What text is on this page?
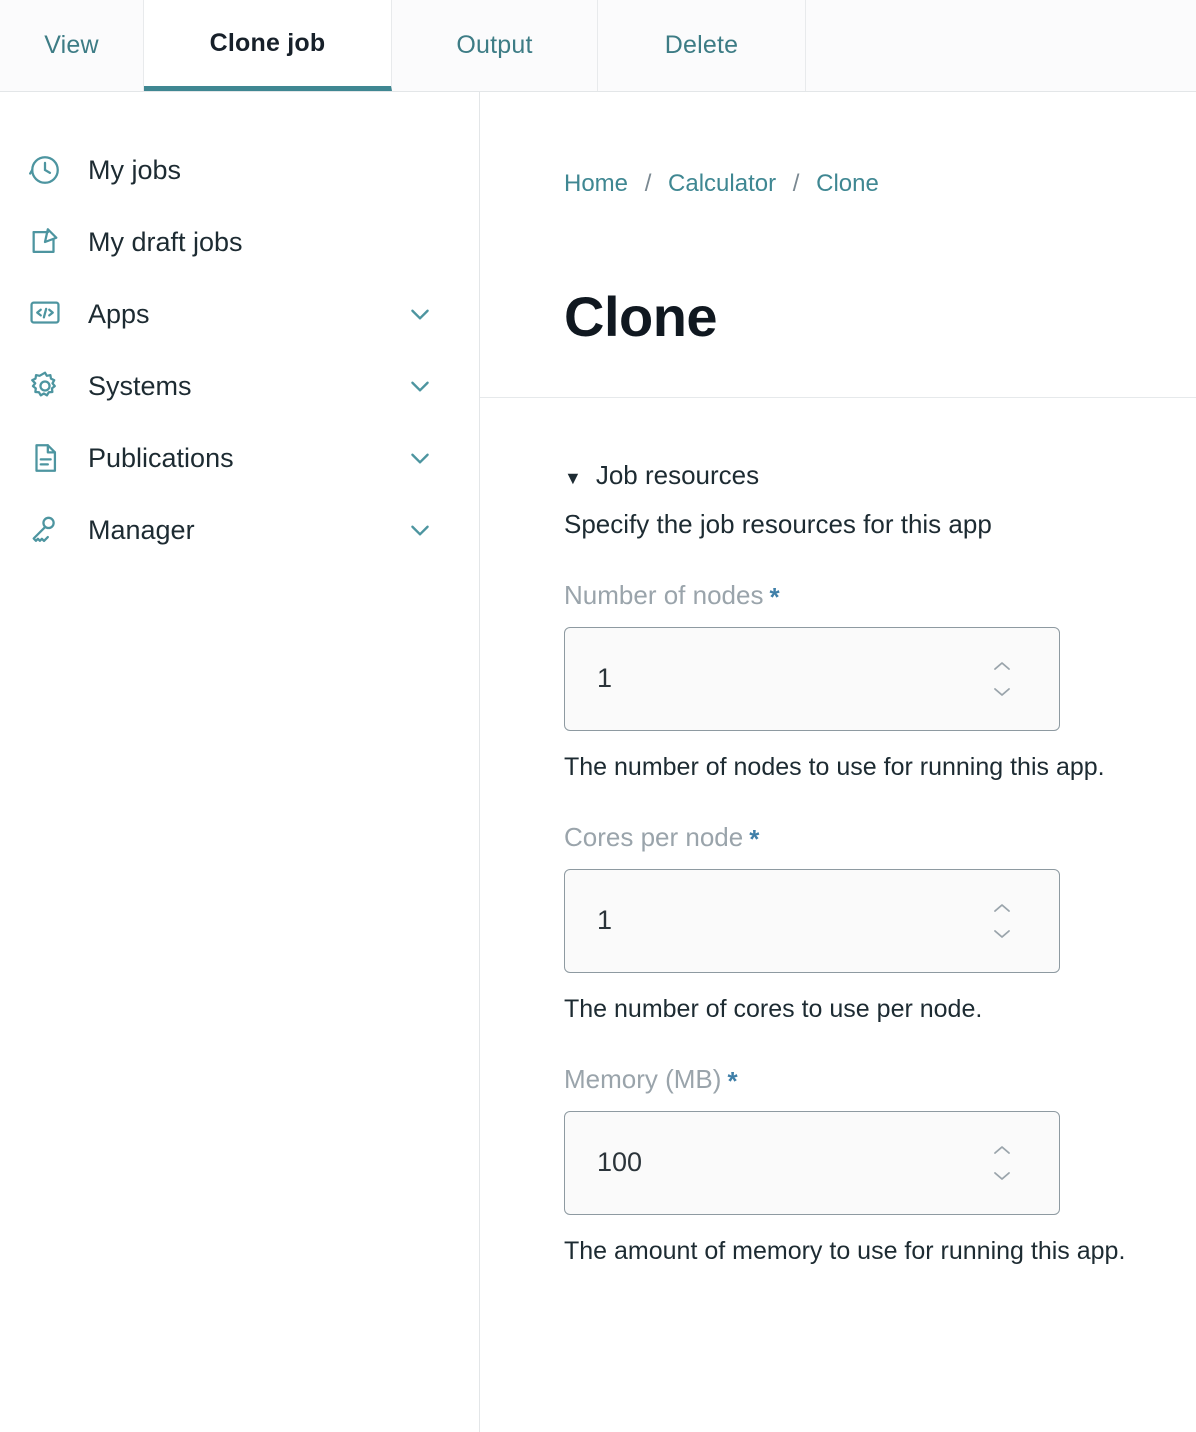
View	Clone job	Output	Delete
My jobs
My draft jobs
Apps
Systems
Publications
Manager
Home / Calculator / Clone
Clone
▼ Job resources
Specify the job resources for this app
Number of nodes *
1
The number of nodes to use for running this app.
Cores per node *
1
The number of cores to use per node.
Memory (MB) *
100
The amount of memory to use for running this app.
